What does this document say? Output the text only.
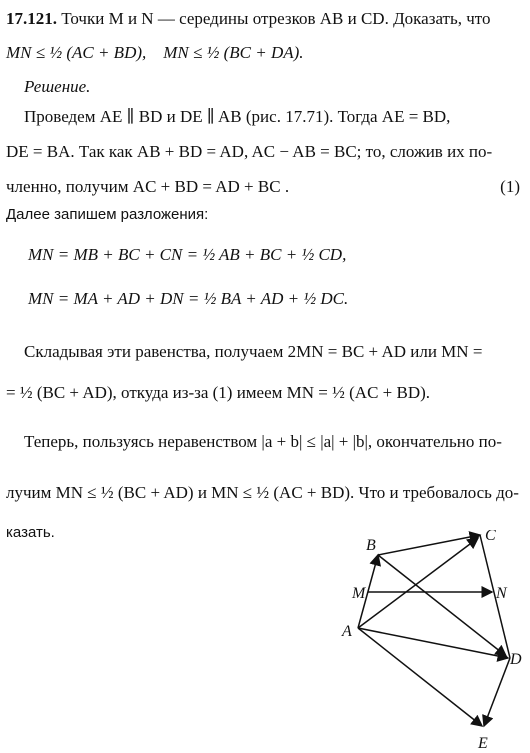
17.121. Точки M и N — середины отрезков AB и CD. Доказать, что
MN ≤ ½ (AC + BD), MN ≤ ½ (BC + DA).
Решение.
Проведем AE ∥ BD и DE ∥ AB (рис. 17.71). Тогда AE = BD,
DE = BA. Так как AB + BD = AD, AC − AB = BC; то, сложив их по-
членно, получим AC + BD = AD + BC .	(1)
Далее запишем разложения:
MN = MB + BC + CN = ½ AB + BC + ½ CD,
MN = MA + AD + DN = ½ BA + AD + ½ DC.
Складывая эти равенства, получаем 2MN = BC + AD или MN =
= ½ (BC + AD), откуда из-за (1) имеем MN = ½ (AC + BD).
Теперь, пользуясь неравенством |a + b| ≤ |a| + |b|, окончательно по-
лучим MN ≤ ½ (BC + AD) и MN ≤ ½ (AC + BD). Что и требовалось до-
казать.
B
C
M	N
A
D
E
